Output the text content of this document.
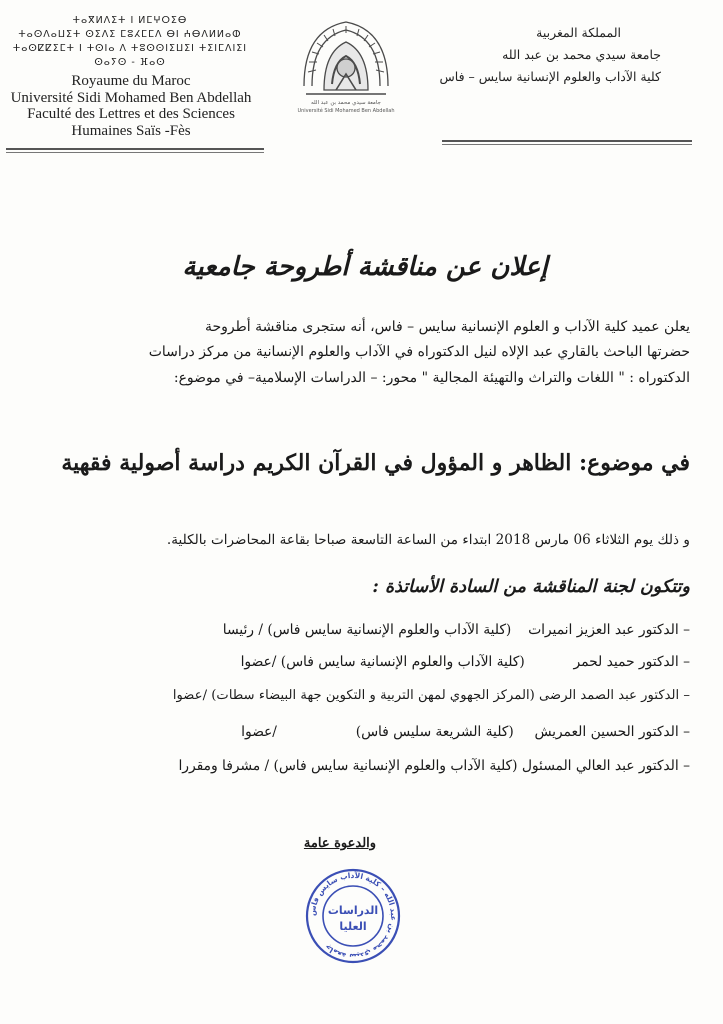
ⵜⴰⴳⵍⴷⵉⵜ ⵏ ⵍⵎⵖⵔⵉⴱ
ⵜⴰⵙⴷⴰⵡⵉⵜ ⵙⵉⴷⵉ ⵎⵓⵃⵎⵎⴷ ⴱⵏ ⵄⴱⴷⵍⵍⴰⵀ
ⵜⴰⵙⵇⵇⵉⵎⵜ ⵏ ⵜⵙⵏⴰ ⴷ ⵜⵓⵙⵙⵏⵉⵡⵉⵏ ⵜⵉⵏⵎⴷⵏⵉⵏ
ⵙⴰⵢⵙ - ⴼⴰⵙ
Royaume du Maroc
Université Sidi Mohamed Ben Abdellah
Faculté des Lettres et des Sciences
Humaines Saïs -Fès
المملكة المغربية
جامعة سيدي محمد بن عبد الله
كلية الآداب والعلوم الإنسانية سايس – فاس
جامعة سيدي محمد بن عبد الله
Université Sidi Mohamed Ben Abdellah
إعلان عن مناقشة أطروحة جامعية
يعلن عميد كلية الآداب و العلوم الإنسانية سايس – فاس، أنه ستجرى مناقشة أطروحة
حضرتها الباحث بالقاري عبد الإلاه لنيل الدكتوراه في الآداب والعلوم الإنسانية من مركز دراسات
الدكتوراه : " اللغات والتراث والتهيئة المجالية " محور: – الدراسات الإسلامية– في موضوع:
في موضوع: الظاهر و المؤول في القرآن الكريم دراسة أصولية فقهية
و ذلك يوم الثلاثاء 06 مارس 2018 ابتداء من الساعة التاسعة صباحا بقاعة المحاضرات بالكلية.
وتتكون لجنة المناقشة من السادة الأساتذة :
– الدكتور عبد العزيز انميرات  (كلية الآداب والعلوم الإنسانية سايس فاس) / رئيسا
– الدكتور حميد لحمر  (كلية الآداب والعلوم الإنسانية سايس فاس) /عضوا
– الدكتور عبد الصمد الرضى (المركز الجهوي لمهن التربية و التكوين جهة البيضاء سطات) /عضوا
– الدكتور الحسين العمريش  (كلية الشريعة سليس فاس)  /عضوا
– الدكتور عبد العالي المسئول (كلية الآداب والعلوم الإنسانية سايس فاس) / مشرفا ومقررا
والدعوة عامة
جامعة سيدي محمد بن عبد الله – كلية الآداب سايس فاس
الدراسات
العليا
